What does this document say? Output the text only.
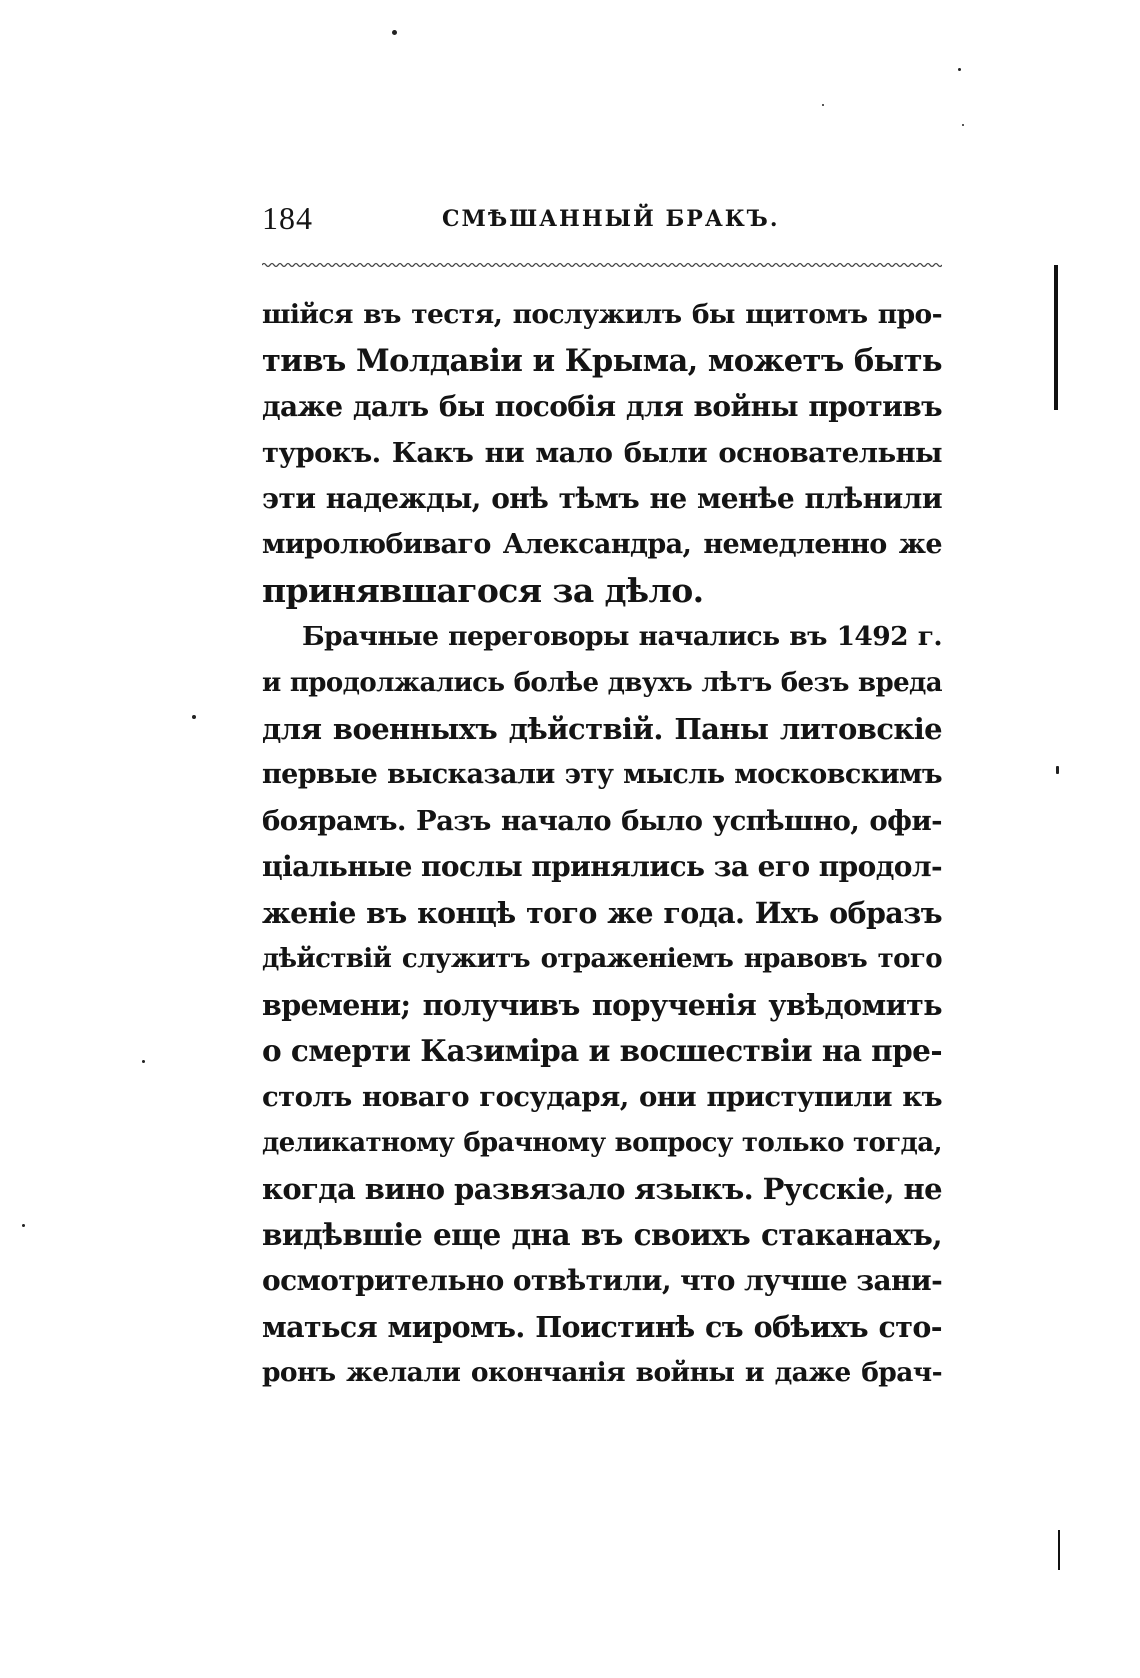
184	СМѢШАННЫЙ БРАКЪ.
шійся въ тестя, послужилъ бы щитомъ про-
тивъ Молдавіи и Крыма, можетъ быть
даже далъ бы пособія для войны противъ
турокъ. Какъ ни мало были основательны
эти надежды, онѣ тѣмъ не менѣе плѣнили
миролюбиваго Александра, немедленно же
принявшагося за дѣло.
Брачные переговоры начались въ 1492 г.
и продолжались болѣе двухъ лѣтъ безъ вреда
для военныхъ дѣйствій. Паны литовскіе
первые высказали эту мысль московскимъ
боярамъ. Разъ начало было успѣшно, офи-
ціальные послы принялись за его продол-
женіе въ концѣ того же года. Ихъ образъ
дѣйствій служитъ отраженіемъ нравовъ того
времени; получивъ порученія увѣдомить
о смерти Казиміра и восшествіи на пре-
столъ новаго государя, они приступили къ
деликатному брачному вопросу только тогда,
когда вино развязало языкъ. Русскіе, не
видѣвшіе еще дна въ своихъ стаканахъ,
осмотрительно отвѣтили, что лучше зани-
маться миромъ. Поистинѣ съ обѣихъ сто-
ронъ желали окончанія войны и даже брач-
